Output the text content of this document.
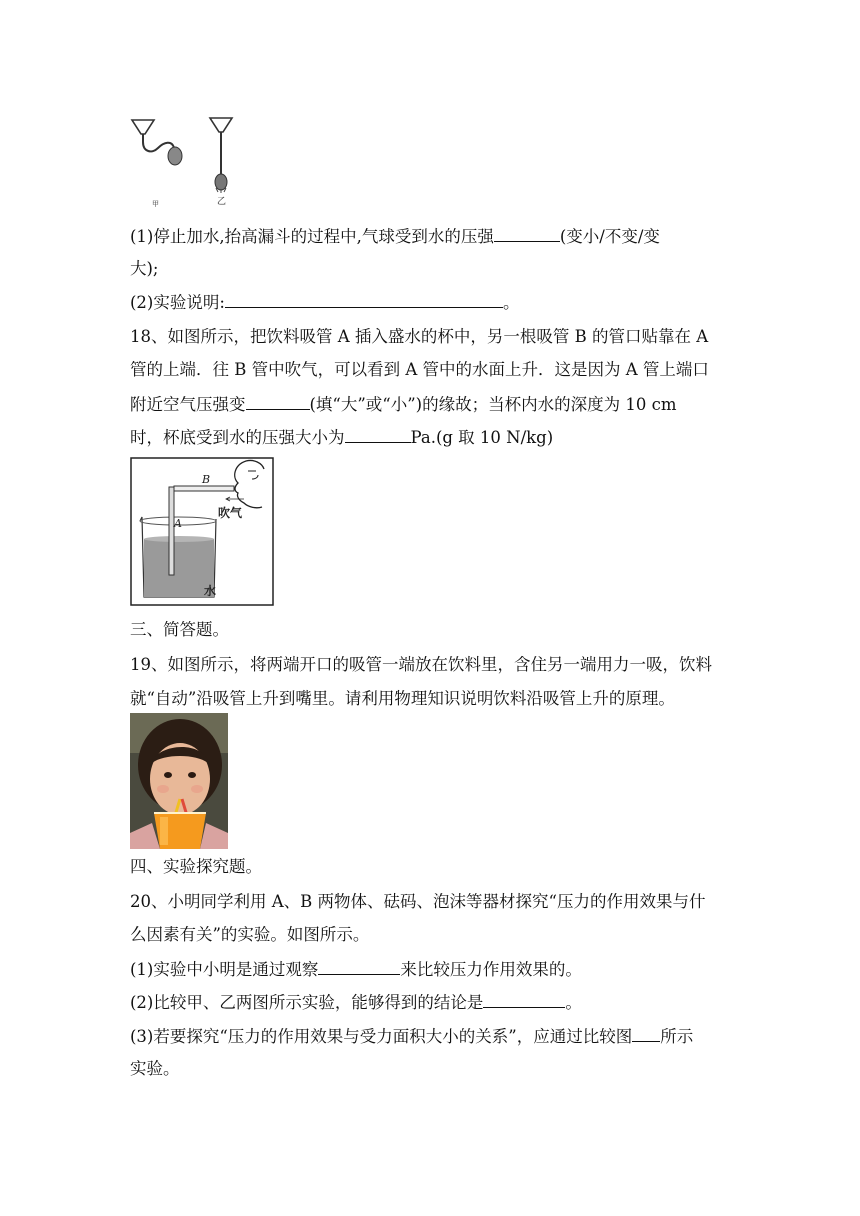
甲	乙
(1)停止加水,抬高漏斗的过程中,气球受到水的压强	(变小/不变/变
大);
(2)实验说明:	。
18、如图所示，把饮料吸管 A 插入盛水的杯中，另一根吸管 B 的管口贴靠在 A
管的上端．往 B 管中吹气，可以看到 A 管中的水面上升．这是因为 A 管上端口
附近空气压强变	(填“大”或“小”)的缘故；当杯内水的深度为 10 cm
时，杯底受到水的压强大小为	Pa.(g 取 10 N/kg)
B
A
吹气
水
三、简答题。
19、如图所示，将两端开口的吸管一端放在饮料里，含住另一端用力一吸，饮料
就“自动”沿吸管上升到嘴里。请利用物理知识说明饮料沿吸管上升的原理。
四、实验探究题。
20、小明同学利用 A、B 两物体、砝码、泡沫等器材探究“压力的作用效果与什
么因素有关”的实验。如图所示。
(1)实验中小明是通过观察	来比较压力作用效果的。
(2)比较甲、乙两图所示实验，能够得到的结论是	。
(3)若要探究“压力的作用效果与受力面积大小的关系”，应通过比较图 所示
实验。
